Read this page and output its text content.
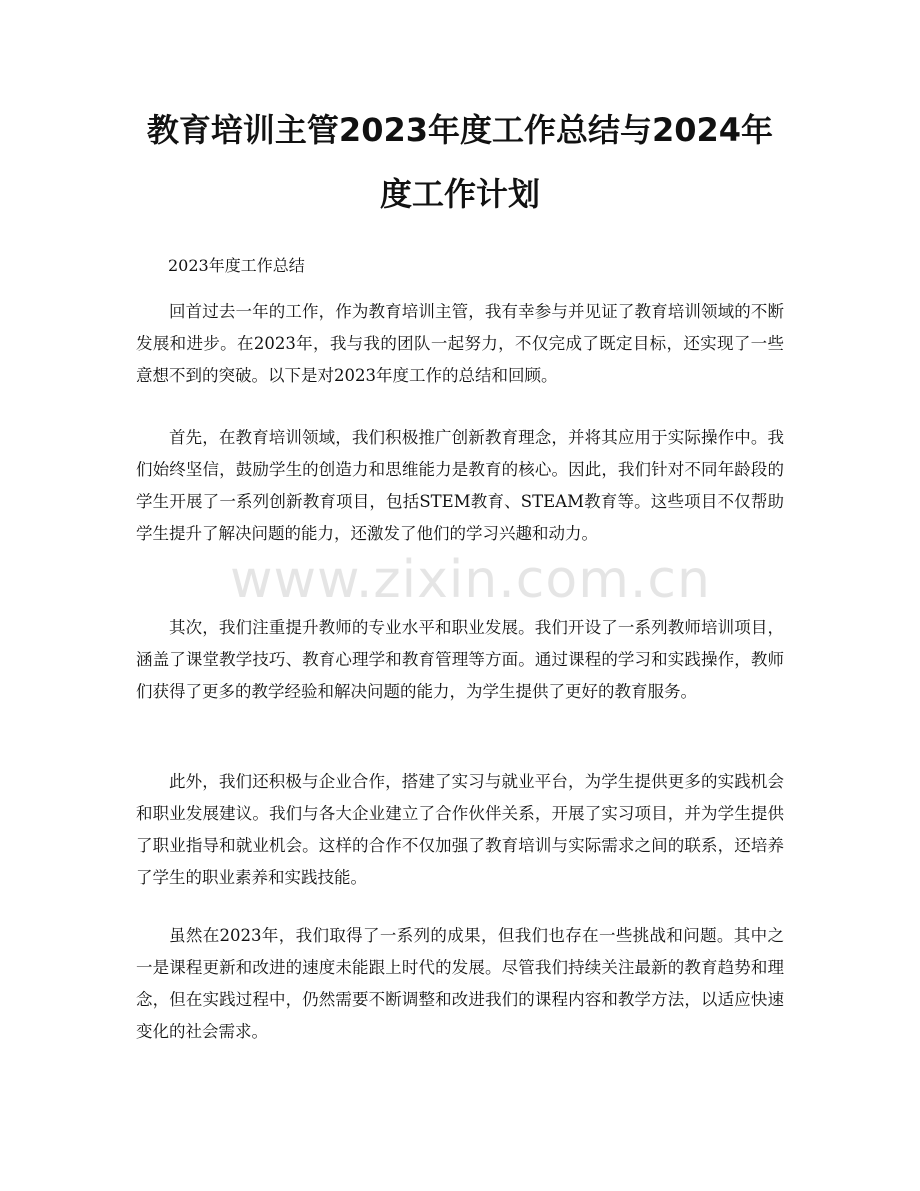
教育培训主管2023年度工作总结与2024年
度工作计划

2023年度工作总结

回首过去一年的工作，作为教育培训主管，我有幸参与并见证了教育培训领域的不断发展和进步。在2023年，我与我的团队一起努力，不仅完成了既定目标，还实现了一些意想不到的突破。以下是对2023年度工作的总结和回顾。

首先，在教育培训领域，我们积极推广创新教育理念，并将其应用于实际操作中。我们始终坚信，鼓励学生的创造力和思维能力是教育的核心。因此，我们针对不同年龄段的学生开展了一系列创新教育项目，包括STEM教育、STEAM教育等。这些项目不仅帮助学生提升了解决问题的能力，还激发了他们的学习兴趣和动力。

其次，我们注重提升教师的专业水平和职业发展。我们开设了一系列教师培训项目，涵盖了课堂教学技巧、教育心理学和教育管理等方面。通过课程的学习和实践操作，教师们获得了更多的教学经验和解决问题的能力，为学生提供了更好的教育服务。

此外，我们还积极与企业合作，搭建了实习与就业平台，为学生提供更多的实践机会和职业发展建议。我们与各大企业建立了合作伙伴关系，开展了实习项目，并为学生提供了职业指导和就业机会。这样的合作不仅加强了教育培训与实际需求之间的联系，还培养了学生的职业素养和实践技能。

虽然在2023年，我们取得了一系列的成果，但我们也存在一些挑战和问题。其中之一是课程更新和改进的速度未能跟上时代的发展。尽管我们持续关注最新的教育趋势和理念，但在实践过程中，仍然需要不断调整和改进我们的课程内容和教学方法，以适应快速变化的社会需求。

www.zixin.com.cn
